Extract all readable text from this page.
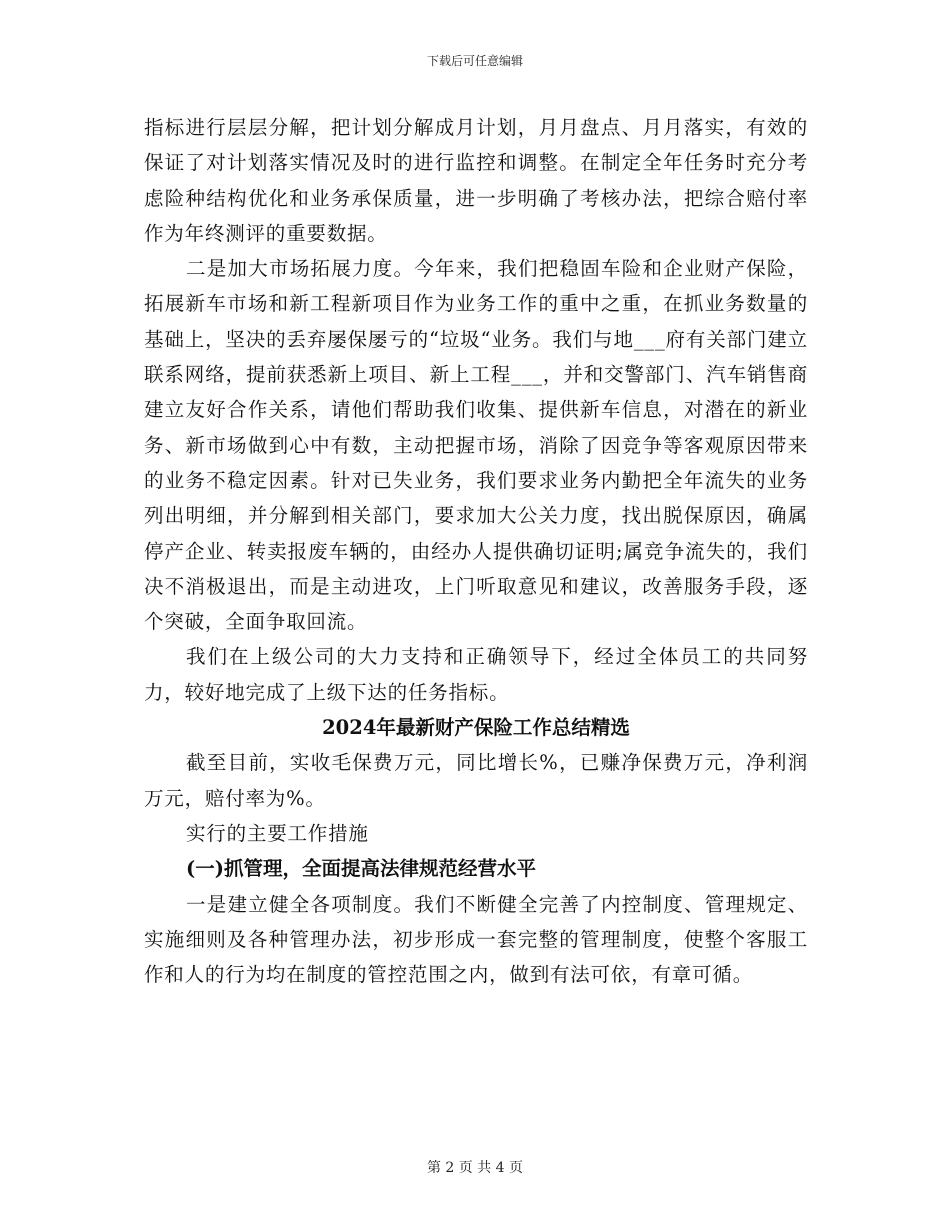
下载后可任意编辑

指标进行层层分解，把计划分解成月计划，月月盘点、月月落实，有效的保证了对计划落实情况及时的进行监控和调整。在制定全年任务时充分考虑险种结构优化和业务承保质量，进一步明确了考核办法，把综合赔付率作为年终测评的重要数据。

二是加大市场拓展力度。今年来，我们把稳固车险和企业财产保险，拓展新车市场和新工程新项目作为业务工作的重中之重，在抓业务数量的基础上，坚决的丢弃屡保屡亏的“垃圾“业务。我们与地___府有关部门建立联系网络，提前获悉新上项目、新上工程___，并和交警部门、汽车销售商建立友好合作关系，请他们帮助我们收集、提供新车信息，对潜在的新业务、新市场做到心中有数，主动把握市场，消除了因竞争等客观原因带来的业务不稳定因素。针对已失业务，我们要求业务内勤把全年流失的业务列出明细，并分解到相关部门，要求加大公关力度，找出脱保原因，确属停产企业、转卖报废车辆的，由经办人提供确切证明;属竞争流失的，我们决不消极退出，而是主动进攻，上门听取意见和建议，改善服务手段，逐个突破，全面争取回流。

我们在上级公司的大力支持和正确领导下，经过全体员工的共同努力，较好地完成了上级下达的任务指标。

2024年最新财产保险工作总结精选

截至目前，实收毛保费万元，同比增长%，已赚净保费万元，净利润万元，赔付率为%。

实行的主要工作措施

(一)抓管理，全面提高法律规范经营水平

一是建立健全各项制度。我们不断健全完善了内控制度、管理规定、实施细则及各种管理办法，初步形成一套完整的管理制度，使整个客服工作和人的行为均在制度的管控范围之内，做到有法可依，有章可循。

第 2 页 共 4 页
